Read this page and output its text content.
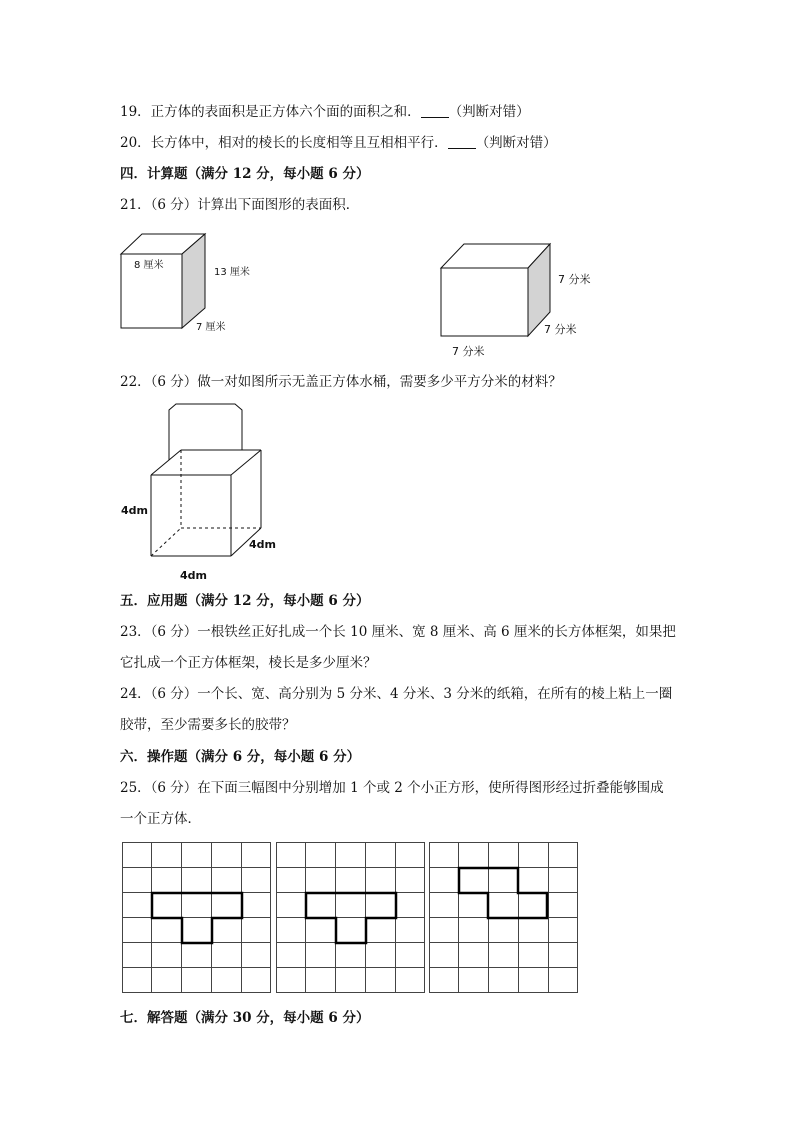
19．正方体的表面积是正方体六个面的面积之和． （判断对错）
20．长方体中，相对的棱长的长度相等且互相相平行． （判断对错）
四．计算题（满分 12 分，每小题 6 分）
21．（6 分）计算出下面图形的表面积．
8 厘米
13 厘米
7 厘米
7 分米
7 分米
7 分米
22．（6 分）做一对如图所示无盖正方体水桶，需要多少平方分米的材料？
4dm
4dm
4dm
五．应用题（满分 12 分，每小题 6 分）
23．（6 分）一根铁丝正好扎成一个长 10 厘米、宽 8 厘米、高 6 厘米的长方体框架，如果把
它扎成一个正方体框架，棱长是多少厘米？
24．（6 分）一个长、宽、高分别为 5 分米、4 分米、3 分米的纸箱，在所有的棱上粘上一圈
胶带，至少需要多长的胶带？
六．操作题（满分 6 分，每小题 6 分）
25．（6 分）在下面三幅图中分别增加 1 个或 2 个小正方形，使所得图形经过折叠能够围成
一个正方体．
七．解答题（满分 30 分，每小题 6 分）
